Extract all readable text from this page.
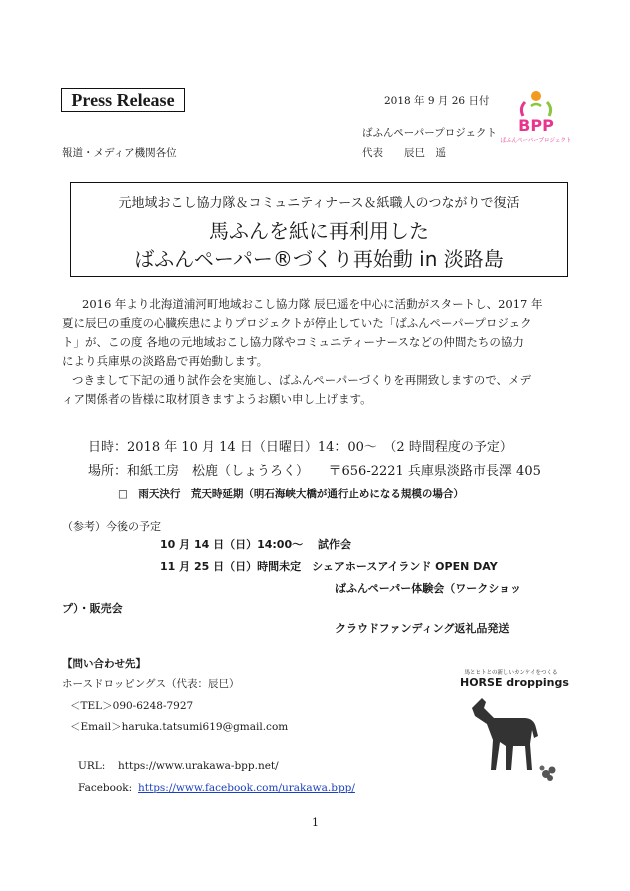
Press Release	2018 年 9 月 26 日付
ばふんペーパープロジェクト
報道・メディア機関各位	代表　　辰巳　遥
BPP
ばふんペーパープロジェクト
元地域おこし協力隊＆コミュニティナース＆紙職人のつながりで復活
馬ふんを紙に再利用した
ばふんペーパー®づくり再始動 in 淡路島
2016 年より北海道浦河町地域おこし協力隊 辰巳遥を中心に活動がスタートし、2017 年
夏に辰巳の重度の心臓疾患によりプロジェクトが停止していた「ばふんペーパープロジェク
ト」が、この度 各地の元地域おこし協力隊やコミュニティーナースなどの仲間たちの協力
により兵庫県の淡路島で再始動します。
つきまして下記の通り試作会を実施し、ばふんペーパーづくりを再開致しますので、メデ
ィア関係者の皆様に取材頂きますようお願い申し上げます。
日時：2018 年 10 月 14 日（日曜日）14：00～　（2 時間程度の予定）
場所：和紙工房　松鹿（しょうろく）　　〒656-2221 兵庫県淡路市長澤 405
□　雨天決行　荒天時延期（明石海峡大橋が通行止めになる規模の場合）
（参考）今後の予定
10 月 14 日（日）14:00～　 試作会
11 月 25 日（日）時間未定　シェアホースアイランド OPEN DAY
ばふんペーパー体験会（ワークショッ
プ）・販売会
クラウドファンディング返礼品発送
【問い合わせ先】
ホースドロッピングス（代表：辰巳）
＜TEL＞090-6248-7927
＜Email＞haruka.tatsumi619@gmail.com
URL: https://www.urakawa-bpp.net/
Facebook: https://www.facebook.com/urakawa.bpp/
馬とヒトとの新しいカンケイをつくる
HORSE droppings
1
